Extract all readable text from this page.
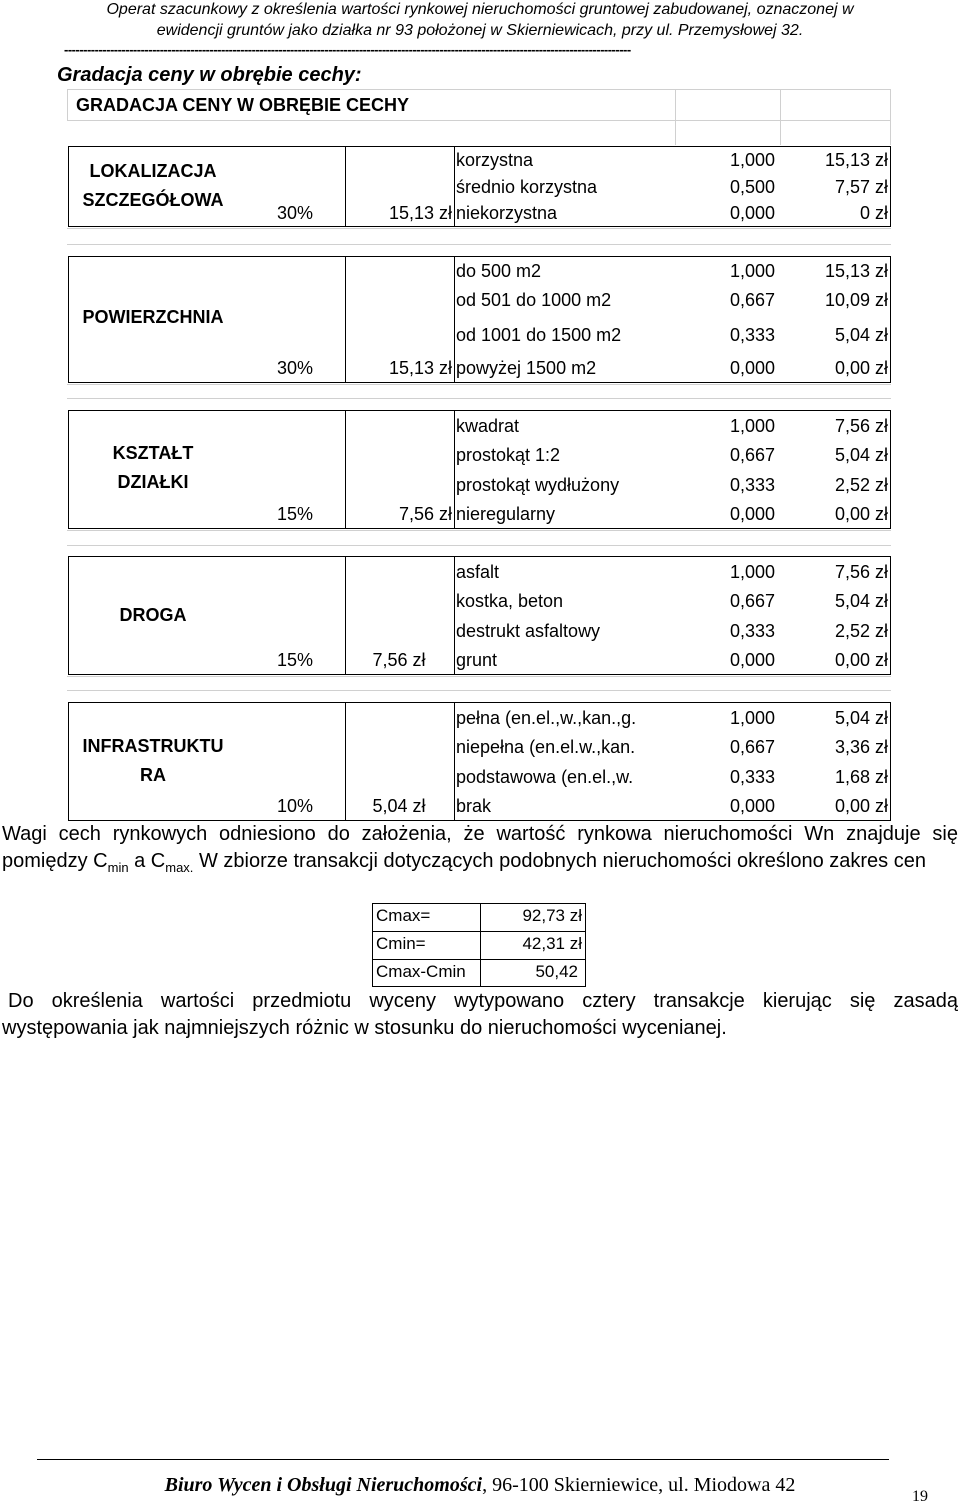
Operat szacunkowy z określenia wartości rynkowej nieruchomości gruntowej zabudowanej, oznaczonej w
ewidencji gruntów jako działka nr 93 położonej w Skierniewicach, przy ul. Przemysłowej 32.
----------------------------------------------------------------------------------------------------------------------------------------------------
Gradacja ceny w obrębie cechy:
GRADACJA CENY W OBRĘBIE CECHY
LOKALIZACJA
SZCZEGÓŁOWA
30%	15,13 zł
korzystna	1,000	15,13 zł
średnio korzystna	0,500	7,57 zł
niekorzystna	0,000	0 zł
POWIERZCHNIA
30%	15,13 zł
do 500 m2	1,000	15,13 zł
od 501 do 1000 m2	0,667	10,09 zł
od 1001 do 1500 m2	0,333	5,04 zł
powyżej 1500 m2	0,000	0,00 zł
KSZTAŁT
DZIAŁKI
15%	7,56 zł
kwadrat	1,000	7,56 zł
prostokąt 1:2	0,667	5,04 zł
prostokąt wydłużony	0,333	2,52 zł
nieregularny	0,000	0,00 zł
DROGA
15%	7,56 zł
asfalt	1,000	7,56 zł
kostka, beton	0,667	5,04 zł
destrukt asfaltowy	0,333	2,52 zł
grunt	0,000	0,00 zł
INFRASTRUKTU
RA
10%	5,04 zł
pełna (en.el.,w.,kan.,g.	1,000	5,04 zł
niepełna (en.el.w.,kan.	0,667	3,36 zł
podstawowa (en.el.,w.	0,333	1,68 zł
brak	0,000	0,00 zł
Wagi cech rynkowych odniesiono do założenia, że wartość rynkowa nieruchomości Wn znajduje się pomiędzy $C_{min}$ a $C_{max.}$ W zbiorze transakcji dotyczących podobnych nieruchomości określono zakres cen
Cmax=	92,73 zł
Cmin=	42,31 zł
Cmax-Cmin	50,42
Do określenia wartości przedmiotu wyceny wytypowano cztery transakcje kierując się zasadą występowania jak najmniejszych różnic w stosunku do nieruchomości wycenianej.
Biuro Wycen i Obsługi Nieruchomości, 96-100 Skierniewice, ul. Miodowa 42
19
